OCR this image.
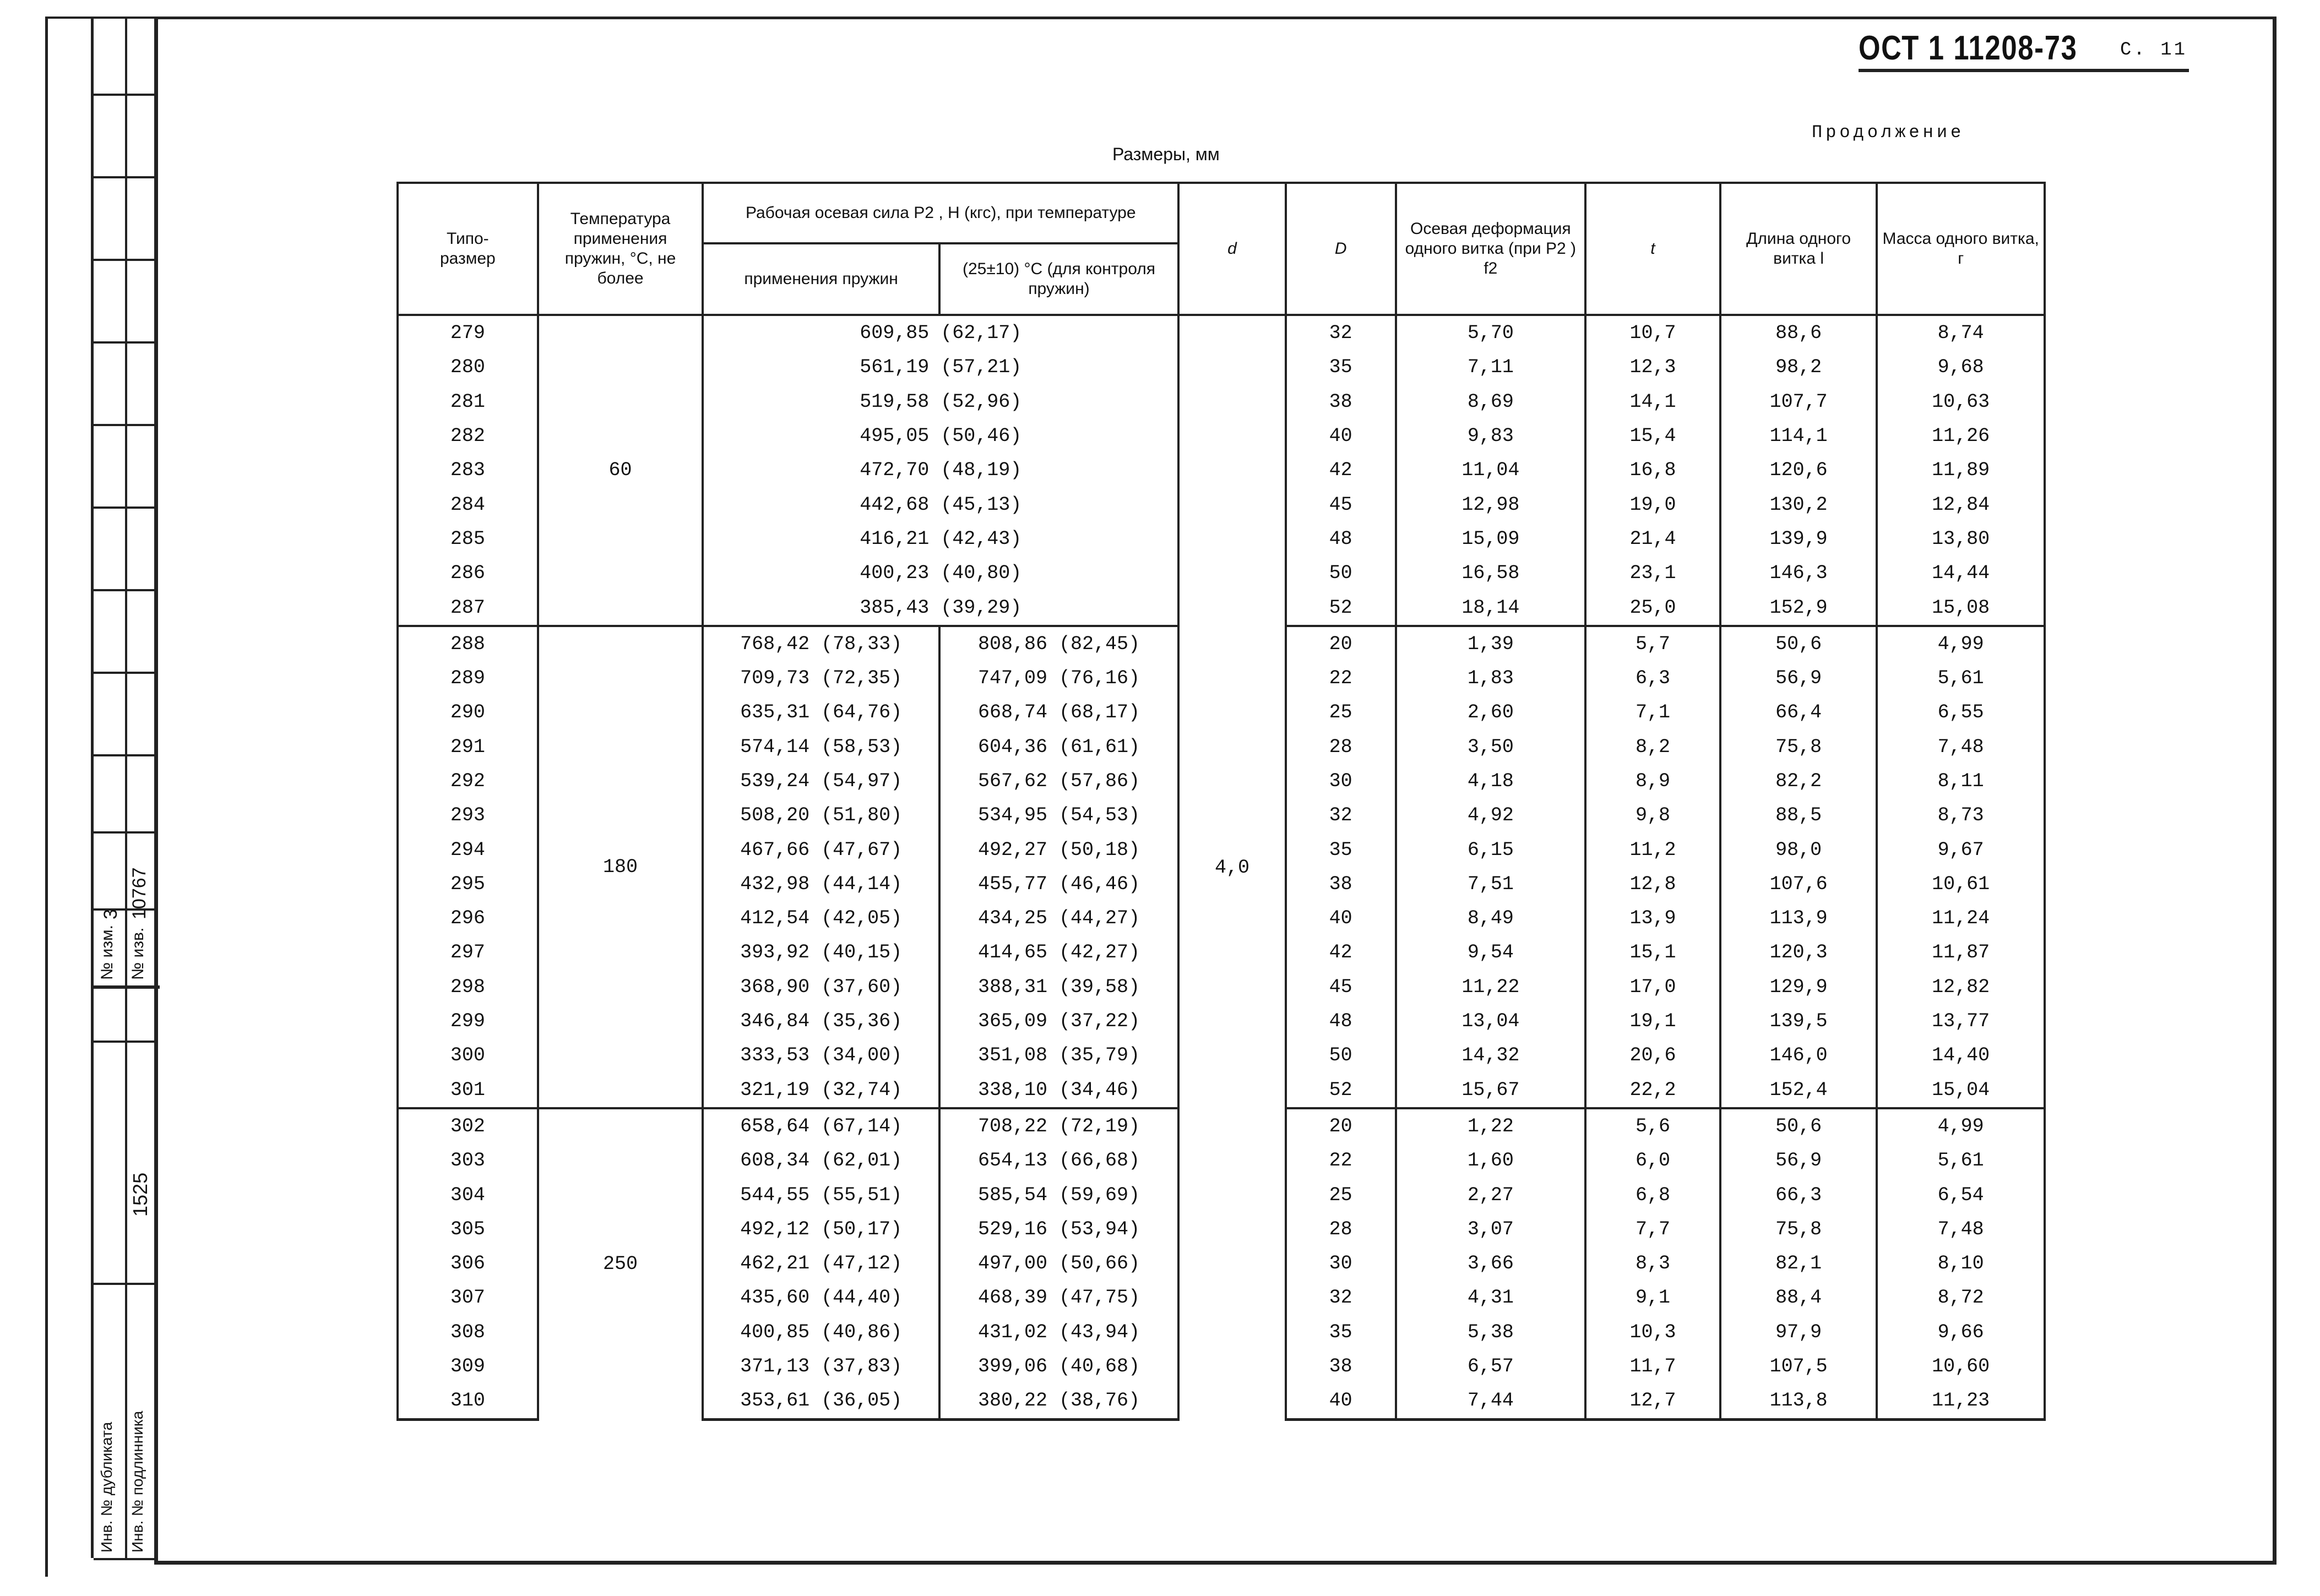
№ изм.
3
№ изв.
10767
1525
Инв. № дубликата Инв. № подлинника
ОСТ 1 11208-73 С. 11
Продолжение
Размеры, мм
Типо-
размер	Температура применения пружин, °С, не более	Рабочая осевая сила P2 , Н (кгс), при температуре		d	D	Осевая деформация одного витка (при P2 ) f2	t	Длина одного витка l	Масса одного витка, г
		применения пружин	(25±10) °С (для контроля пружин)						
279	60	609,85 (62,17)		4,0	32	5,70	10,7	88,6	8,74
280		561,19 (57,21)			35	7,11	12,3	98,2	9,68
281		519,58 (52,96)			38	8,69	14,1	107,7	10,63
282		495,05 (50,46)			40	9,83	15,4	114,1	11,26
283		472,70 (48,19)			42	11,04	16,8	120,6	11,89
284		442,68 (45,13)			45	12,98	19,0	130,2	12,84
285		416,21 (42,43)			48	15,09	21,4	139,9	13,80
286		400,23 (40,80)			50	16,58	23,1	146,3	14,44
287		385,43 (39,29)			52	18,14	25,0	152,9	15,08
288	180	768,42 (78,33)	808,86 (82,45)		20	1,39	5,7	50,6	4,99
289		709,73 (72,35)	747,09 (76,16)		22	1,83	6,3	56,9	5,61
290		635,31 (64,76)	668,74 (68,17)		25	2,60	7,1	66,4	6,55
291		574,14 (58,53)	604,36 (61,61)		28	3,50	8,2	75,8	7,48
292		539,24 (54,97)	567,62 (57,86)		30	4,18	8,9	82,2	8,11
293		508,20 (51,80)	534,95 (54,53)		32	4,92	9,8	88,5	8,73
294		467,66 (47,67)	492,27 (50,18)		35	6,15	11,2	98,0	9,67
295		432,98 (44,14)	455,77 (46,46)		38	7,51	12,8	107,6	10,61
296		412,54 (42,05)	434,25 (44,27)		40	8,49	13,9	113,9	11,24
297		393,92 (40,15)	414,65 (42,27)		42	9,54	15,1	120,3	11,87
298		368,90 (37,60)	388,31 (39,58)		45	11,22	17,0	129,9	12,82
299		346,84 (35,36)	365,09 (37,22)		48	13,04	19,1	139,5	13,77
300		333,53 (34,00)	351,08 (35,79)		50	14,32	20,6	146,0	14,40
301		321,19 (32,74)	338,10 (34,46)		52	15,67	22,2	152,4	15,04
302	250	658,64 (67,14)	708,22 (72,19)		20	1,22	5,6	50,6	4,99
303		608,34 (62,01)	654,13 (66,68)		22	1,60	6,0	56,9	5,61
304		544,55 (55,51)	585,54 (59,69)		25	2,27	6,8	66,3	6,54
305		492,12 (50,17)	529,16 (53,94)		28	3,07	7,7	75,8	7,48
306		462,21 (47,12)	497,00 (50,66)		30	3,66	8,3	82,1	8,10
307		435,60 (44,40)	468,39 (47,75)		32	4,31	9,1	88,4	8,72
308		400,85 (40,86)	431,02 (43,94)		35	5,38	10,3	97,9	9,66
309		371,13 (37,83)	399,06 (40,68)		38	6,57	11,7	107,5	10,60
310		353,61 (36,05)	380,22 (38,76)		40	7,44	12,7	113,8	11,23
